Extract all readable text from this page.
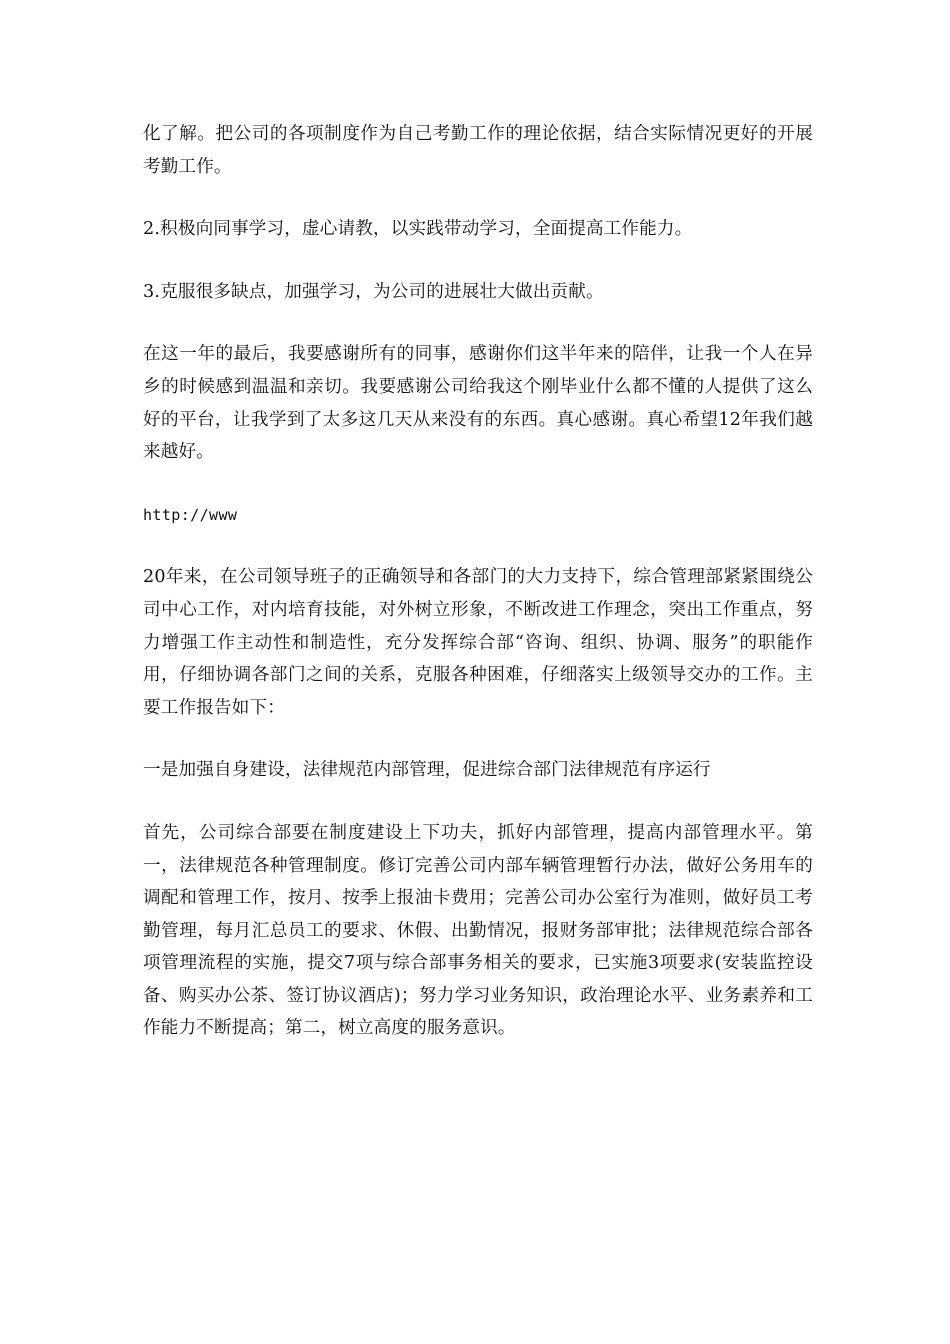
化了解。把公司的各项制度作为自己考勤工作的理论依据，结合实际情况更好的开展考勤工作。

2.积极向同事学习，虚心请教，以实践带动学习，全面提高工作能力。

3.克服很多缺点，加强学习，为公司的进展壮大做出贡献。

在这一年的最后，我要感谢所有的同事，感谢你们这半年来的陪伴，让我一个人在异乡的时候感到温温和亲切。我要感谢公司给我这个刚毕业什么都不懂的人提供了这么好的平台，让我学到了太多这几天从来没有的东西。真心感谢。真心希望12年我们越来越好。

http://www

20年来，在公司领导班子的正确领导和各部门的大力支持下，综合管理部紧紧围绕公司中心工作，对内培育技能，对外树立形象，不断改进工作理念，突出工作重点，努力增强工作主动性和制造性，充分发挥综合部“咨询、组织、协调、服务”的职能作用，仔细协调各部门之间的关系，克服各种困难，仔细落实上级领导交办的工作。主要工作报告如下：

一是加强自身建设，法律规范内部管理，促进综合部门法律规范有序运行

首先，公司综合部要在制度建设上下功夫，抓好内部管理，提高内部管理水平。第一，法律规范各种管理制度。修订完善公司内部车辆管理暂行办法，做好公务用车的调配和管理工作，按月、按季上报油卡费用；完善公司办公室行为准则，做好员工考勤管理，每月汇总员工的要求、休假、出勤情况，报财务部审批；法律规范综合部各项管理流程的实施，提交7项与综合部事务相关的要求，已实施3项要求(安装监控设备、购买办公茶、签订协议酒店)；努力学习业务知识，政治理论水平、业务素养和工作能力不断提高；第二，树立高度的服务意识。
